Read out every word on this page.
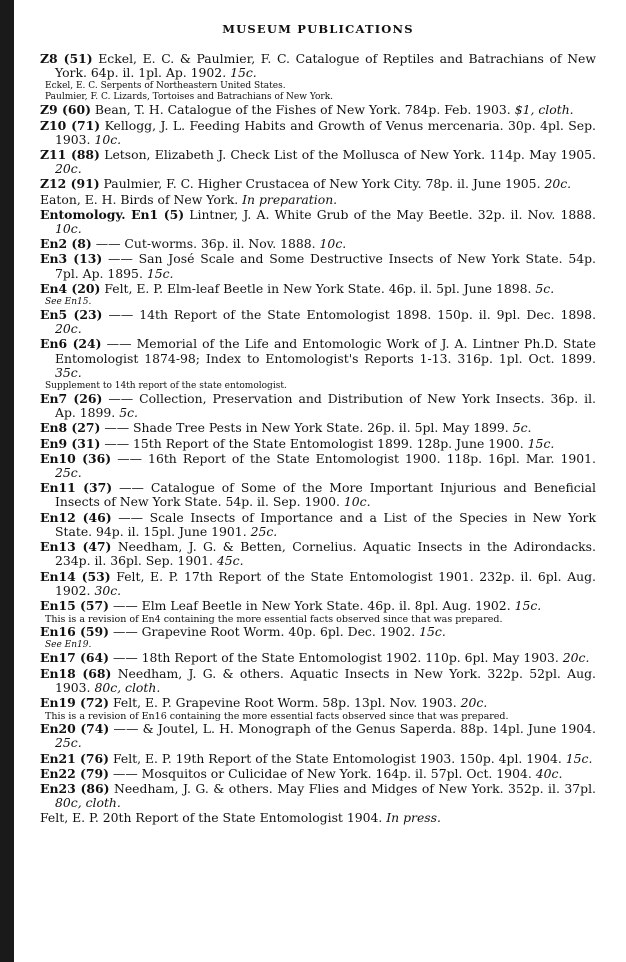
MUSEUM PUBLICATIONS
Z8 (51) Eckel, E. C. & Paulmier, F. C. Catalogue of Reptiles and Batrachians of New York. 64p. il. 1pl. Ap. 1902. 15c.
Eckel, E. C. Serpents of Northeastern United States.
Paulmier, F. C. Lizards, Tortoises and Batrachians of New York.
Z9 (60) Bean, T. H. Catalogue of the Fishes of New York. 784p. Feb. 1903. $1, cloth.
Z10 (71) Kellogg, J. L. Feeding Habits and Growth of Venus mercenaria. 30p. 4pl. Sep. 1903. 10c.
Z11 (88) Letson, Elizabeth J. Check List of the Mollusca of New York. 114p. May 1905. 20c.
Z12 (91) Paulmier, F. C. Higher Crustacea of New York City. 78p. il. June 1905. 20c.
Eaton, E. H. Birds of New York. In preparation.
Entomology. En1 (5) Lintner, J. A. White Grub of the May Beetle. 32p. il. Nov. 1888. 10c.
En2 (8) —— Cut-worms. 36p. il. Nov. 1888. 10c.
En3 (13) —— San José Scale and Some Destructive Insects of New York State. 54p. 7pl. Ap. 1895. 15c.
En4 (20) Felt, E. P. Elm-leaf Beetle in New York State. 46p. il. 5pl. June 1898. 5c.
See En15.
En5 (23) —— 14th Report of the State Entomologist 1898. 150p. il. 9pl. Dec. 1898. 20c.
En6 (24) —— Memorial of the Life and Entomologic Work of J. A. Lintner Ph.D. State Entomologist 1874-98; Index to Entomologist's Reports 1-13. 316p. 1pl. Oct. 1899. 35c.
Supplement to 14th report of the state entomologist.
En7 (26) —— Collection, Preservation and Distribution of New York Insects. 36p. il. Ap. 1899. 5c.
En8 (27) —— Shade Tree Pests in New York State. 26p. il. 5pl. May 1899. 5c.
En9 (31) —— 15th Report of the State Entomologist 1899. 128p. June 1900. 15c.
En10 (36) —— 16th Report of the State Entomologist 1900. 118p. 16pl. Mar. 1901. 25c.
En11 (37) —— Catalogue of Some of the More Important Injurious and Beneficial Insects of New York State. 54p. il. Sep. 1900. 10c.
En12 (46) —— Scale Insects of Importance and a List of the Species in New York State. 94p. il. 15pl. June 1901. 25c.
En13 (47) Needham, J. G. & Betten, Cornelius. Aquatic Insects in the Adirondacks. 234p. il. 36pl. Sep. 1901. 45c.
En14 (53) Felt, E. P. 17th Report of the State Entomologist 1901. 232p. il. 6pl. Aug. 1902. 30c.
En15 (57) —— Elm Leaf Beetle in New York State. 46p. il. 8pl. Aug. 1902. 15c.
This is a revision of En4 containing the more essential facts observed since that was prepared.
En16 (59) —— Grapevine Root Worm. 40p. 6pl. Dec. 1902. 15c.
See En19.
En17 (64) —— 18th Report of the State Entomologist 1902. 110p. 6pl. May 1903. 20c.
En18 (68) Needham, J. G. & others. Aquatic Insects in New York. 322p. 52pl. Aug. 1903. 80c, cloth.
En19 (72) Felt, E. P. Grapevine Root Worm. 58p. 13pl. Nov. 1903. 20c.
This is a revision of En16 containing the more essential facts observed since that was prepared.
En20 (74) —— & Joutel, L. H. Monograph of the Genus Saperda. 88p. 14pl. June 1904. 25c.
En21 (76) Felt, E. P. 19th Report of the State Entomologist 1903. 150p. 4pl. 1904. 15c.
En22 (79) —— Mosquitos or Culicidae of New York. 164p. il. 57pl. Oct. 1904. 40c.
En23 (86) Needham, J. G. & others. May Flies and Midges of New York. 352p. il. 37pl. 80c, cloth.
Felt, E. P. 20th Report of the State Entomologist 1904. In press.
